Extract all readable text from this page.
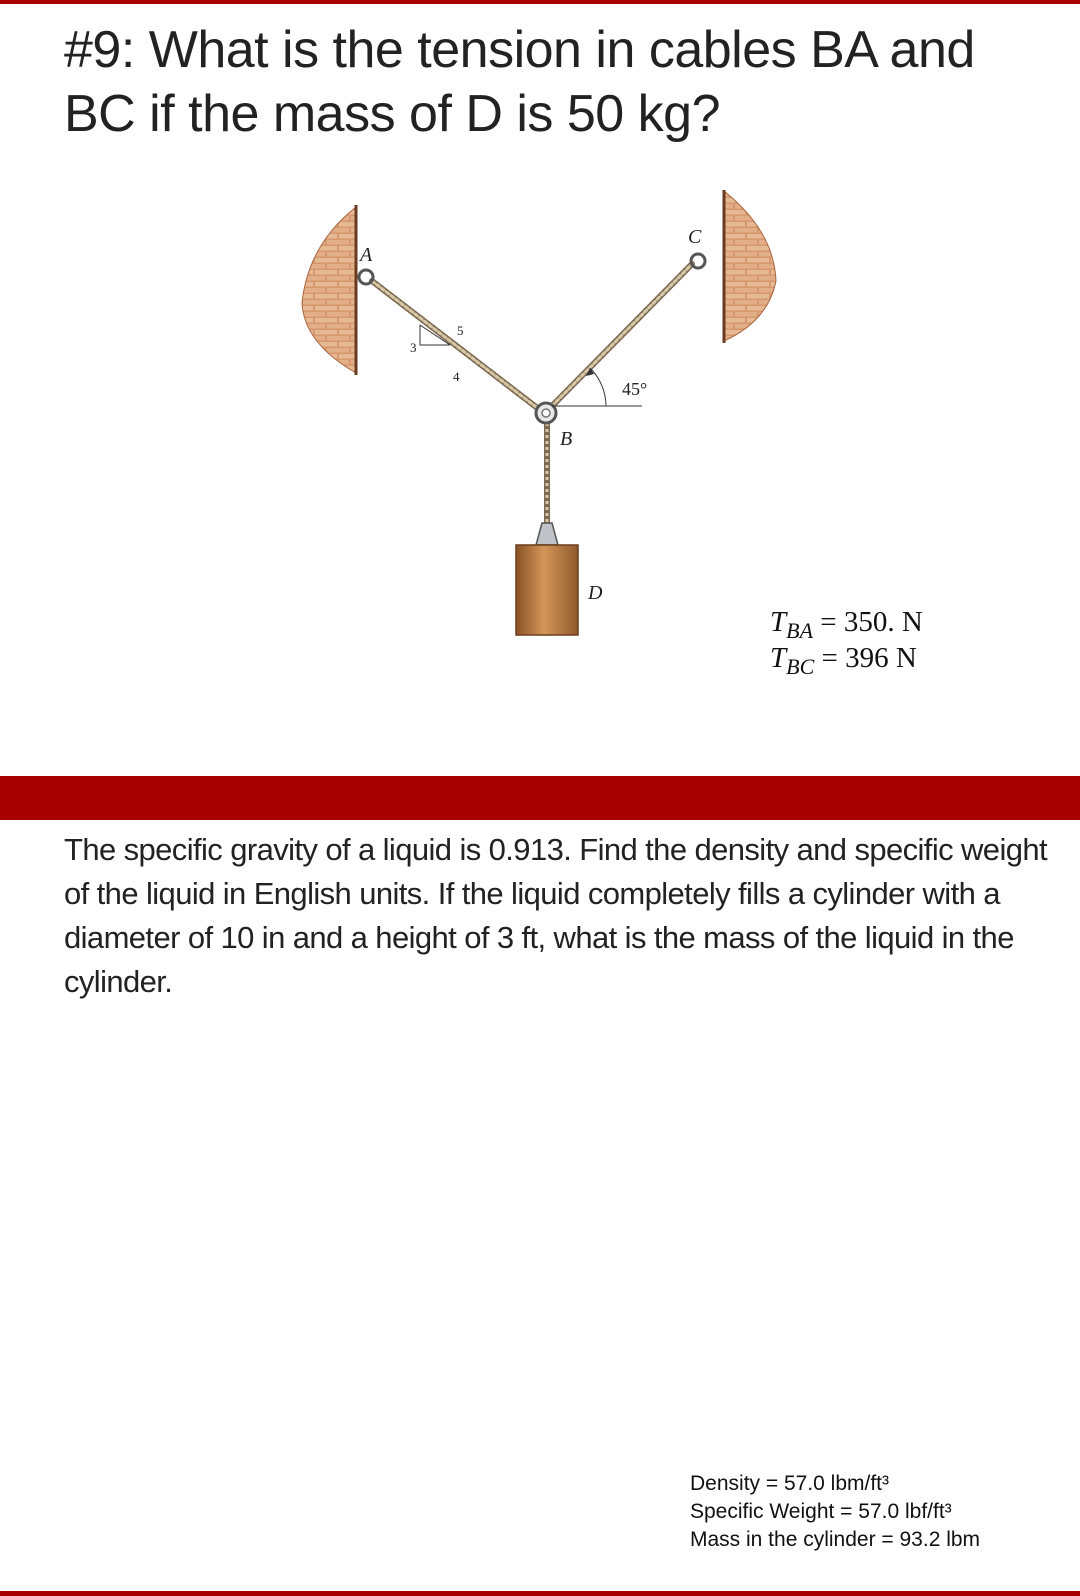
#9: What is the tension in cables BA and BC if the mass of D is 50 kg?
A
C
B
D
3
4
5
45°
$T_{BA} = 350$. N
$T_{BC} = 396$ N

The specific gravity of a liquid is 0.913. Find the density and specific weight of the liquid in English units. If the liquid completely fills a cylinder with a diameter of 10 in and a height of 3 ft, what is the mass of the liquid in the cylinder.

Density = 57.0 lbm/ft³
Specific Weight = 57.0 lbf/ft³
Mass in the cylinder = 93.2 lbm
